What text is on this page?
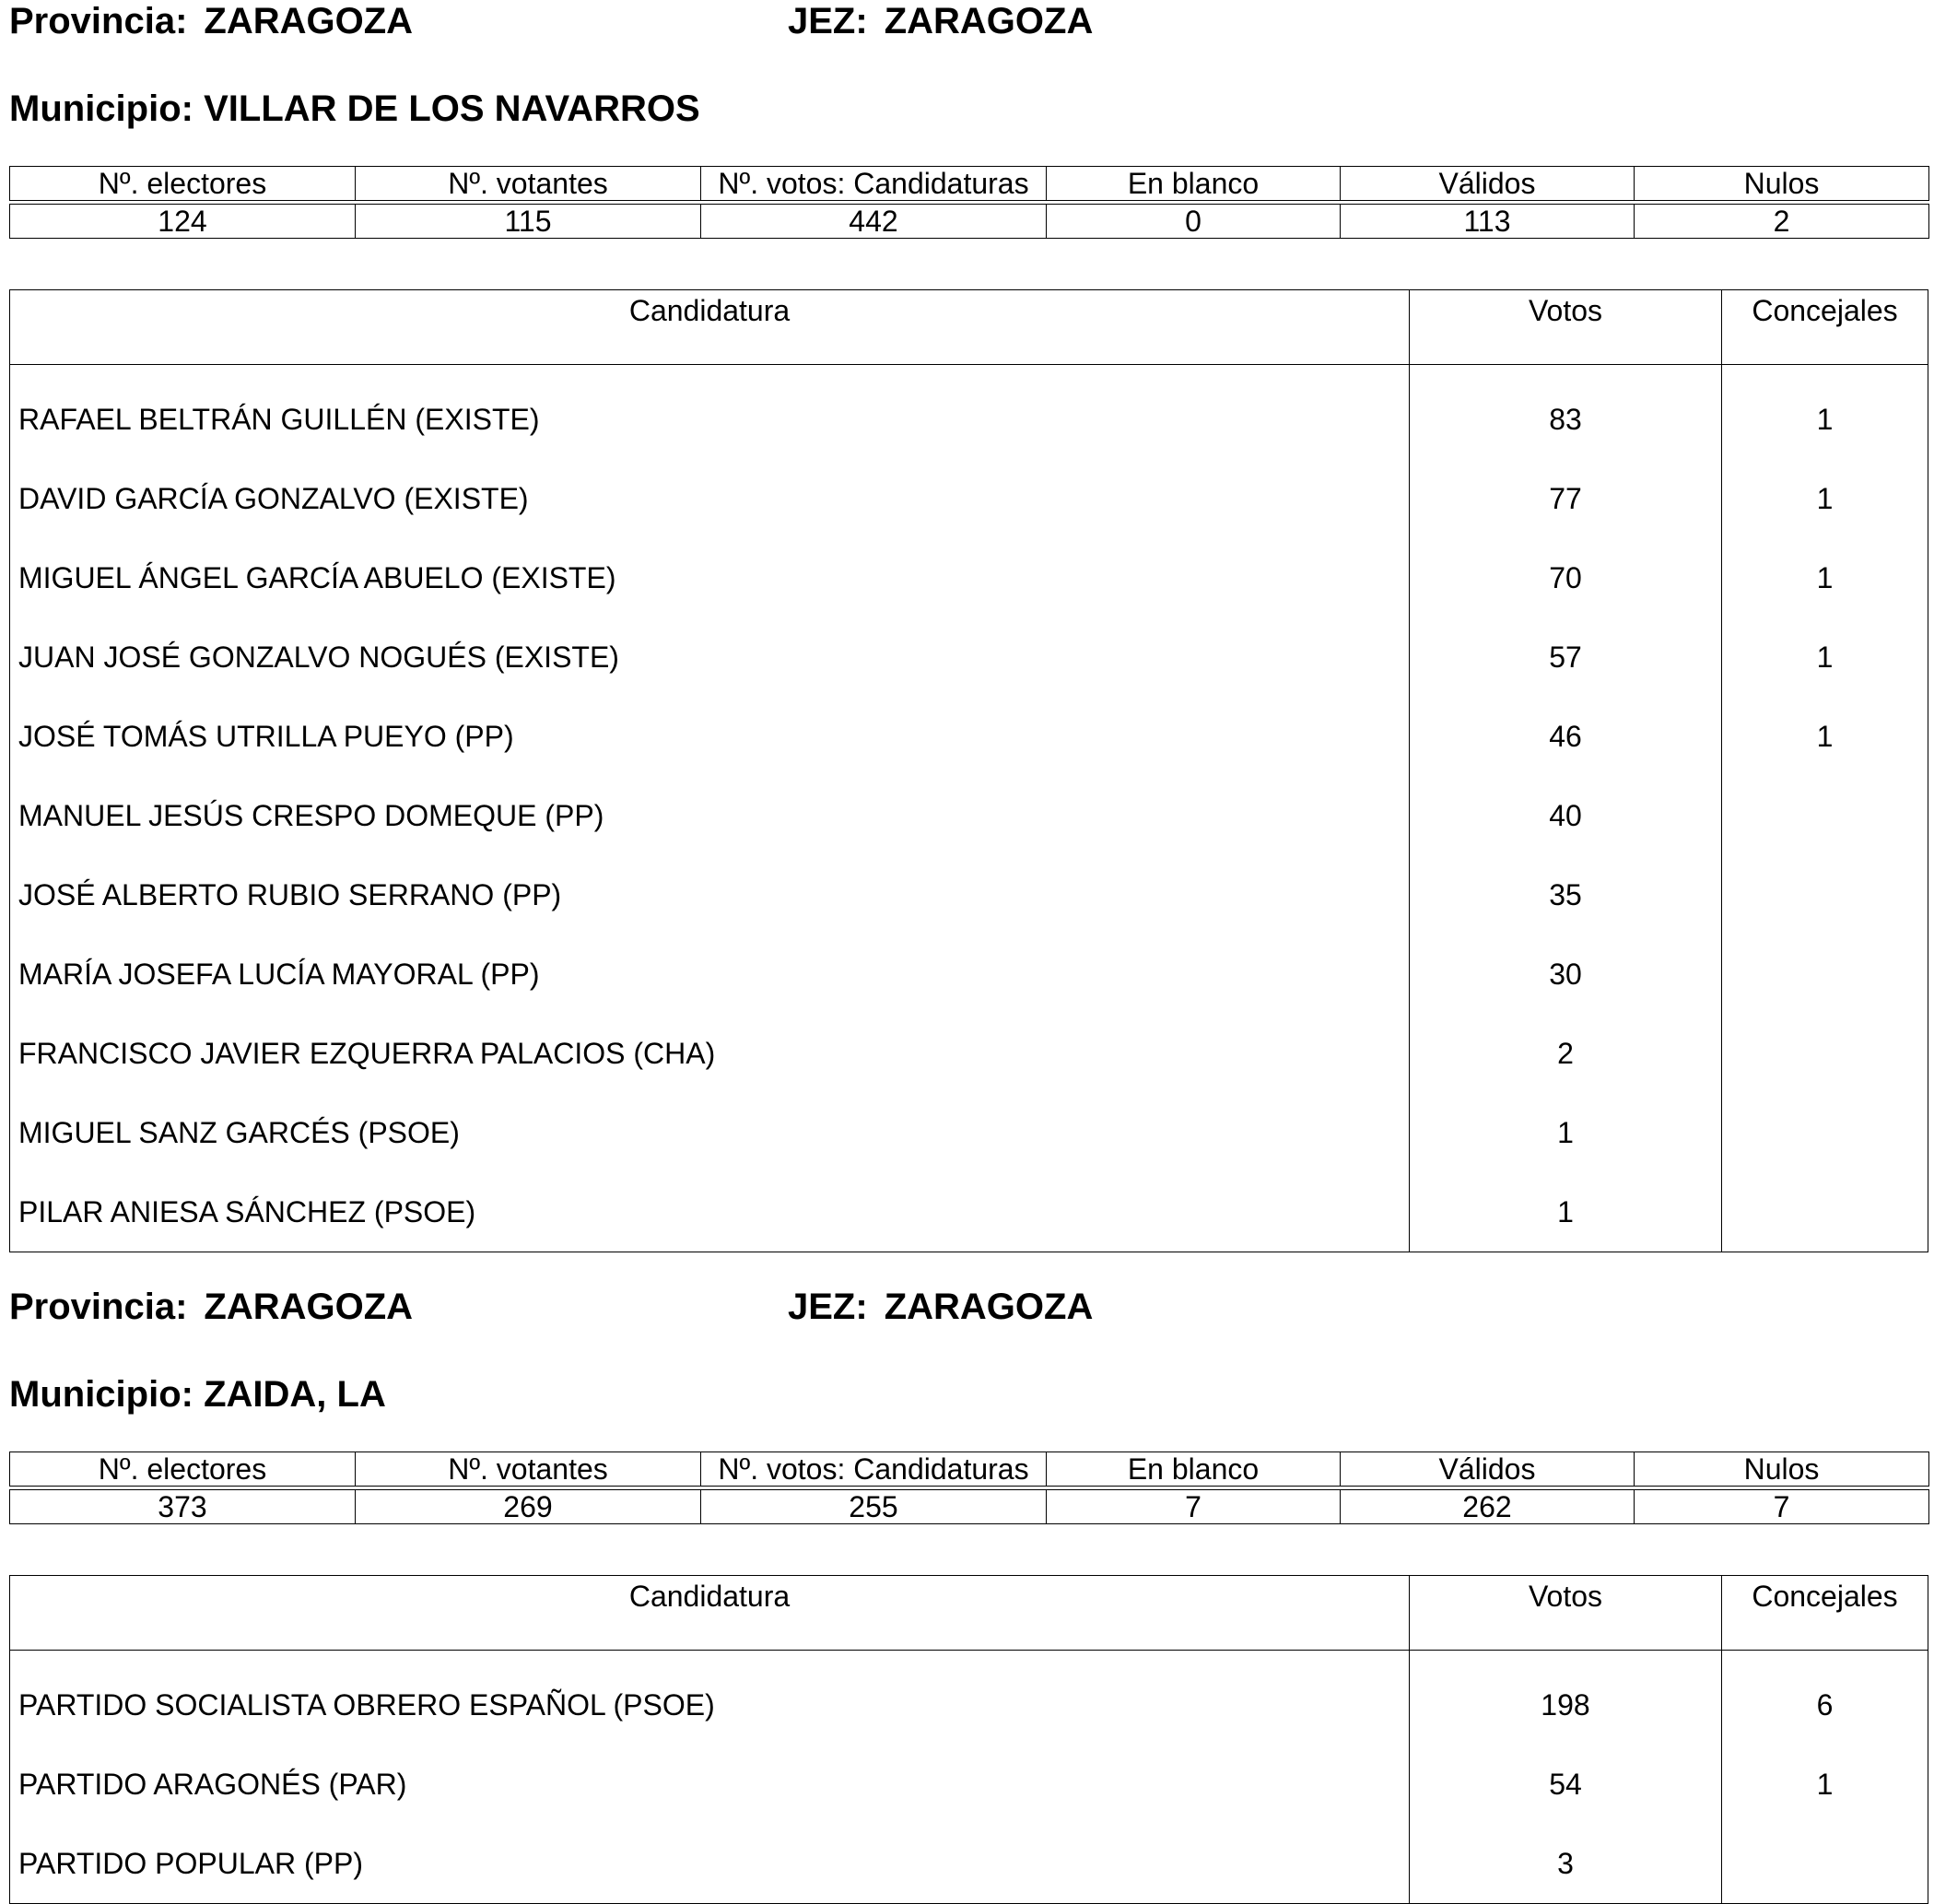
Provincia: ZARAGOZA	JEZ: ZARAGOZA
Municipio: VILLAR DE LOS NAVARROS
Nº. electores	Nº. votantes	Nº. votos: Candidaturas	En blanco	Válidos	Nulos

124	115	442	0	113	2
Candidatura	Votos	Concejales
RAFAEL BELTRÁN GUILLÉN (EXISTE)	83	1
DAVID GARCÍA GONZALVO (EXISTE)	77	1
MIGUEL ÁNGEL GARCÍA ABUELO (EXISTE)	70	1
JUAN JOSÉ GONZALVO NOGUÉS (EXISTE)	57	1
JOSÉ TOMÁS UTRILLA PUEYO (PP)	46	1
MANUEL JESÚS CRESPO DOMEQUE (PP)	40
JOSÉ ALBERTO RUBIO SERRANO (PP)	35
MARÍA JOSEFA LUCÍA MAYORAL (PP)	30
FRANCISCO JAVIER EZQUERRA PALACIOS (CHA)	2
MIGUEL SANZ GARCÉS (PSOE)	1
PILAR ANIESA SÁNCHEZ (PSOE)	1
Provincia: ZARAGOZA	JEZ: ZARAGOZA
Municipio: ZAIDA, LA
Nº. electores	Nº. votantes	Nº. votos: Candidaturas	En blanco	Válidos	Nulos

373	269	255	7	262	7
Candidatura	Votos	Concejales
PARTIDO SOCIALISTA OBRERO ESPAÑOL (PSOE)	198	6
PARTIDO ARAGONÉS (PAR)	54	1
PARTIDO POPULAR (PP)	3
